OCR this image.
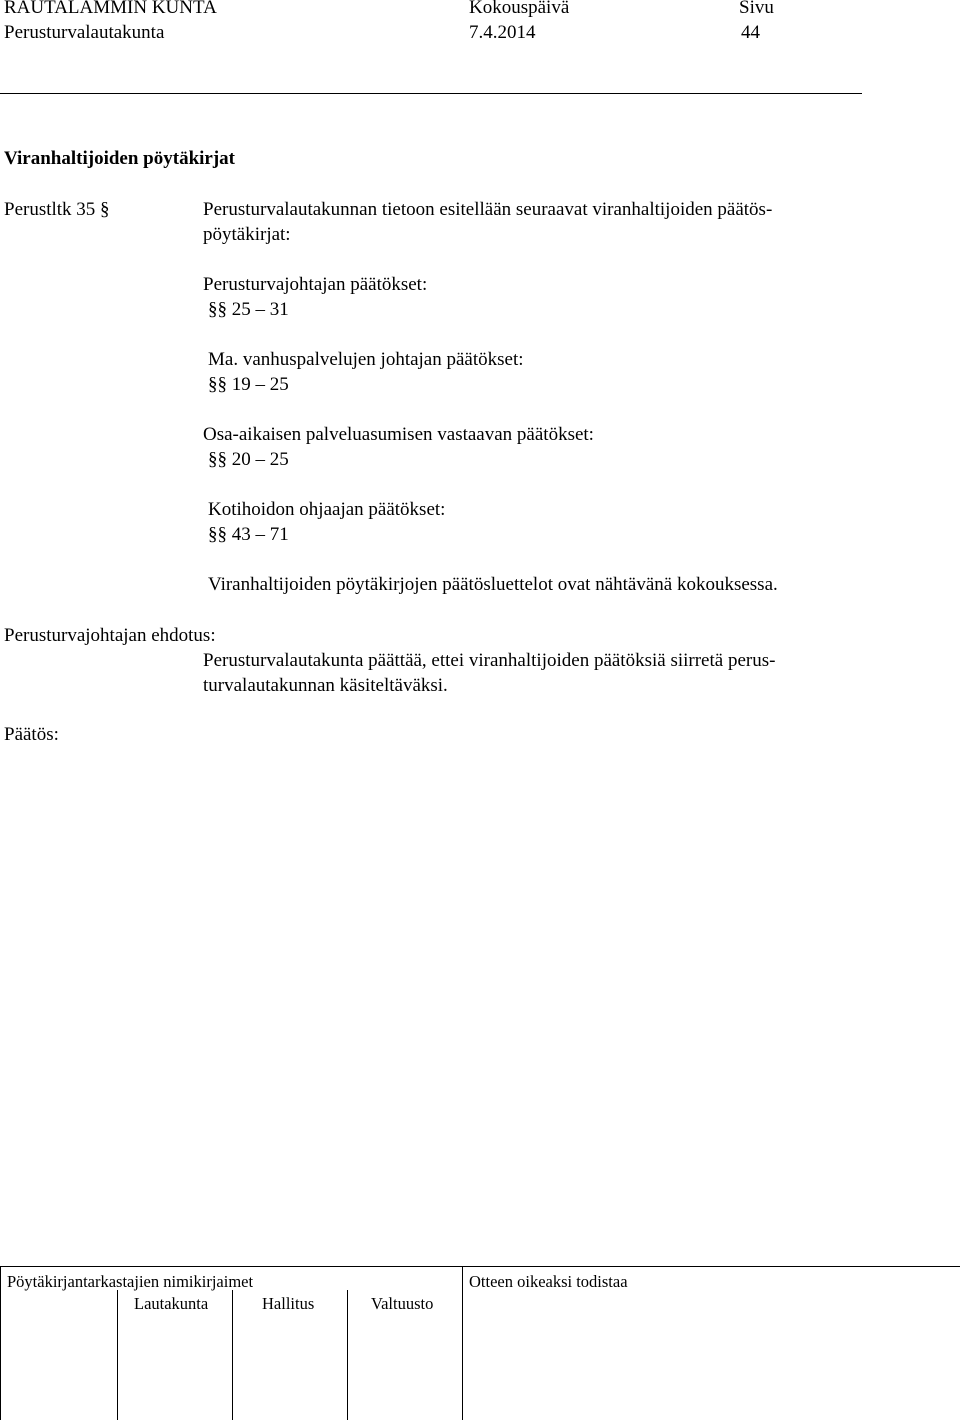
RAUTALAMMIN KUNTA	Kokouspäivä	Sivu
Perusturvalautakunta	7.4.2014	44
Viranhaltijoiden pöytäkirjat
Perustltk 35 §	Perusturvalautakunnan tietoon esitellään seuraavat viranhaltijoiden päätös-
pöytäkirjat:
Perusturvajohtajan päätökset:
§§ 25 – 31
Ma. vanhuspalvelujen johtajan päätökset:
§§ 19 – 25
Osa-aikaisen palveluasumisen vastaavan päätökset:
§§ 20 – 25
Kotihoidon ohjaajan päätökset:
§§ 43 – 71
Viranhaltijoiden pöytäkirjojen päätösluettelot ovat nähtävänä kokouksessa.
Perusturvajohtajan ehdotus:
Perusturvalautakunta päättää, ettei viranhaltijoiden päätöksiä siirretä perus-
turvalautakunnan käsiteltäväksi.
Päätös:
Pöytäkirjantarkastajien nimikirjaimet	Otteen oikeaksi todistaa
Lautakunta	Hallitus	Valtuusto
